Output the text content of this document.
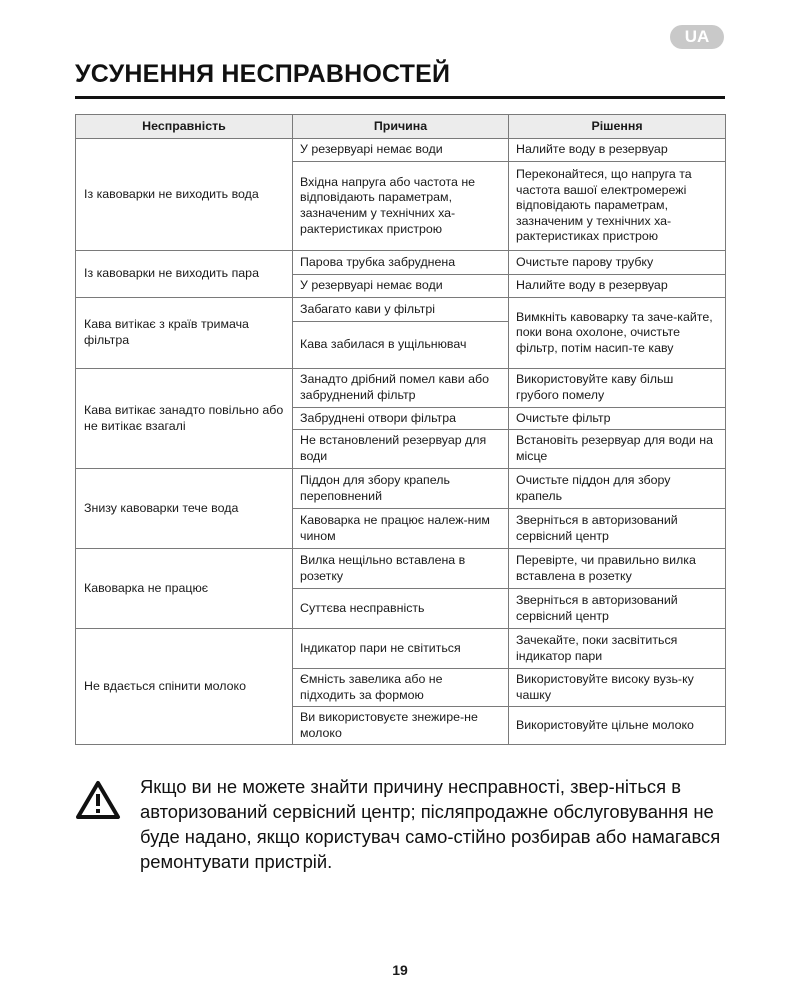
UA
УСУНЕННЯ НЕСПРАВНОСТЕЙ
Несправність	Причина	Рішення
Із кавоварки не виходить вода	У резервуарі немає води	Налийте воду в резервуар
	Вхідна напруга або частота не відповідають параметрам, зазначеним у технічних ха-рактеристиках пристрою	Переконайтеся, що напруга та частота вашої електромережі відповідають параметрам, зазначеним у технічних ха-рактеристиках пристрою
Із кавоварки не виходить пара	Парова трубка забруднена	Очистьте парову трубку
	У резервуарі немає води	Налийте воду в резервуар
Кава витікає з країв тримача фільтра	Забагато кави у фільтрі	Вимкніть кавоварку та заче-кайте, поки вона охолоне, очистьте фільтр, потім насип-те каву
	Кава забилася в ущільнювач	
Кава витікає занадто повільно або не витікає взагалі	Занадто дрібний помел кави або забруднений фільтр	Використовуйте каву більш грубого помелу
	Забруднені отвори фільтра	Очистьте фільтр
	Не встановлений резервуар для води	Встановіть резервуар для води на місце
Знизу кавоварки тече вода	Піддон для збору крапель переповнений	Очистьте піддон для збору крапель
	Кавоварка не працює належ-ним чином	Зверніться в авторизований сервісний центр
Кавоварка не працює	Вилка нещільно вставлена в розетку	Перевірте, чи правильно вилка вставлена в розетку
	Суттєва несправність	Зверніться в авторизований сервісний центр
Не вдається спінити молоко	Індикатор пари не світиться	Зачекайте, поки засвітиться індикатор пари
	Ємність завелика або не підходить за формою	Використовуйте високу вузь-ку чашку
	Ви використовуєте знежире-не молоко	Використовуйте цільне молоко
Якщо ви не можете знайти причину несправності, звер-ніться в авторизований сервісний центр; післяпродажне обслуговування не буде надано, якщо користувач само-стійно розбирав або намагався ремонтувати пристрій.
19
